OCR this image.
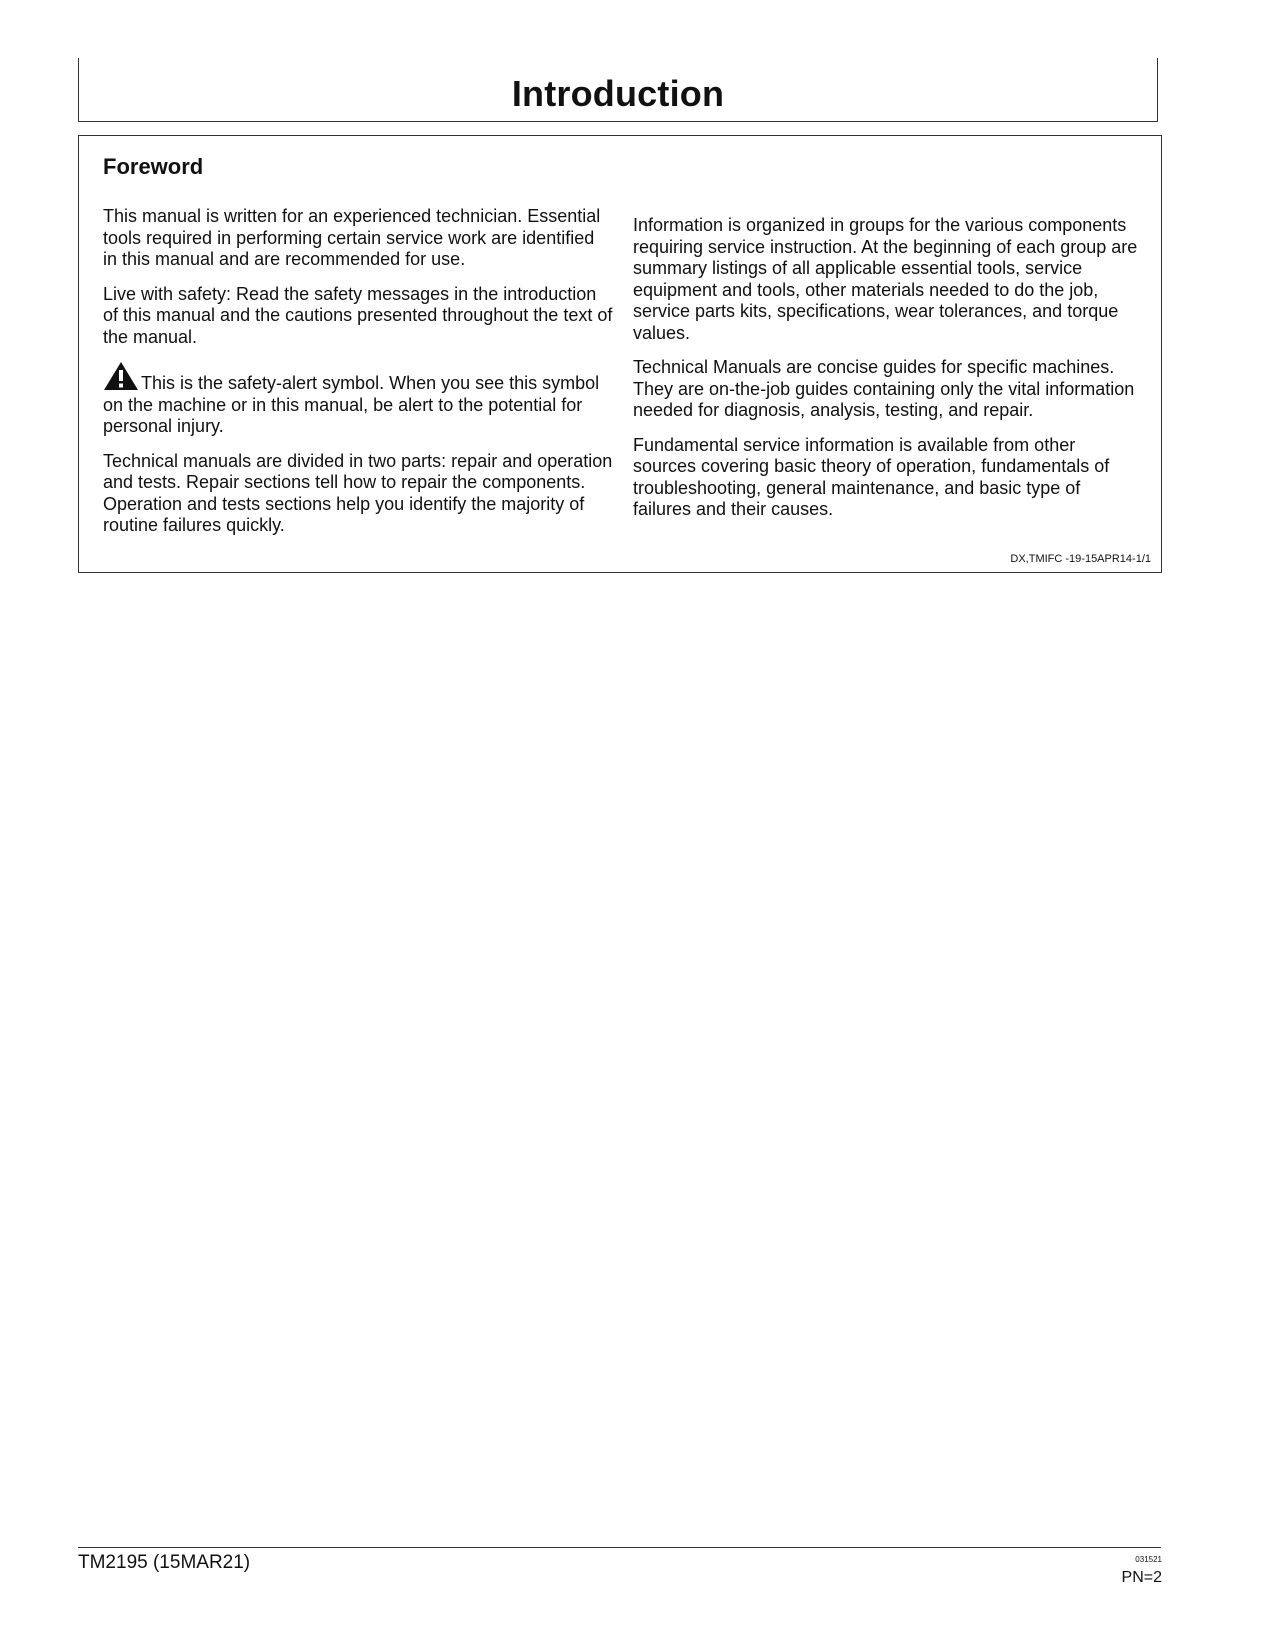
Introduction
Foreword

This manual is written for an experienced technician. Essential tools required in performing certain service work are identified in this manual and are recommended for use.

Live with safety: Read the safety messages in the introduction of this manual and the cautions presented throughout the text of the manual.

This is the safety-alert symbol. When you see this symbol on the machine or in this manual, be alert to the potential for personal injury.

Technical manuals are divided in two parts: repair and operation and tests. Repair sections tell how to repair the components. Operation and tests sections help you identify the majority of routine failures quickly.

Information is organized in groups for the various components requiring service instruction. At the beginning of each group are summary listings of all applicable essential tools, service equipment and tools, other materials needed to do the job, service parts kits, specifications, wear tolerances, and torque values.

Technical Manuals are concise guides for specific machines. They are on-the-job guides containing only the vital information needed for diagnosis, analysis, testing, and repair.

Fundamental service information is available from other sources covering basic theory of operation, fundamentals of troubleshooting, general maintenance, and basic type of failures and their causes.

DX,TMIFC -19-15APR14-1/1
TM2195 (15MAR21)	031521
PN=2
